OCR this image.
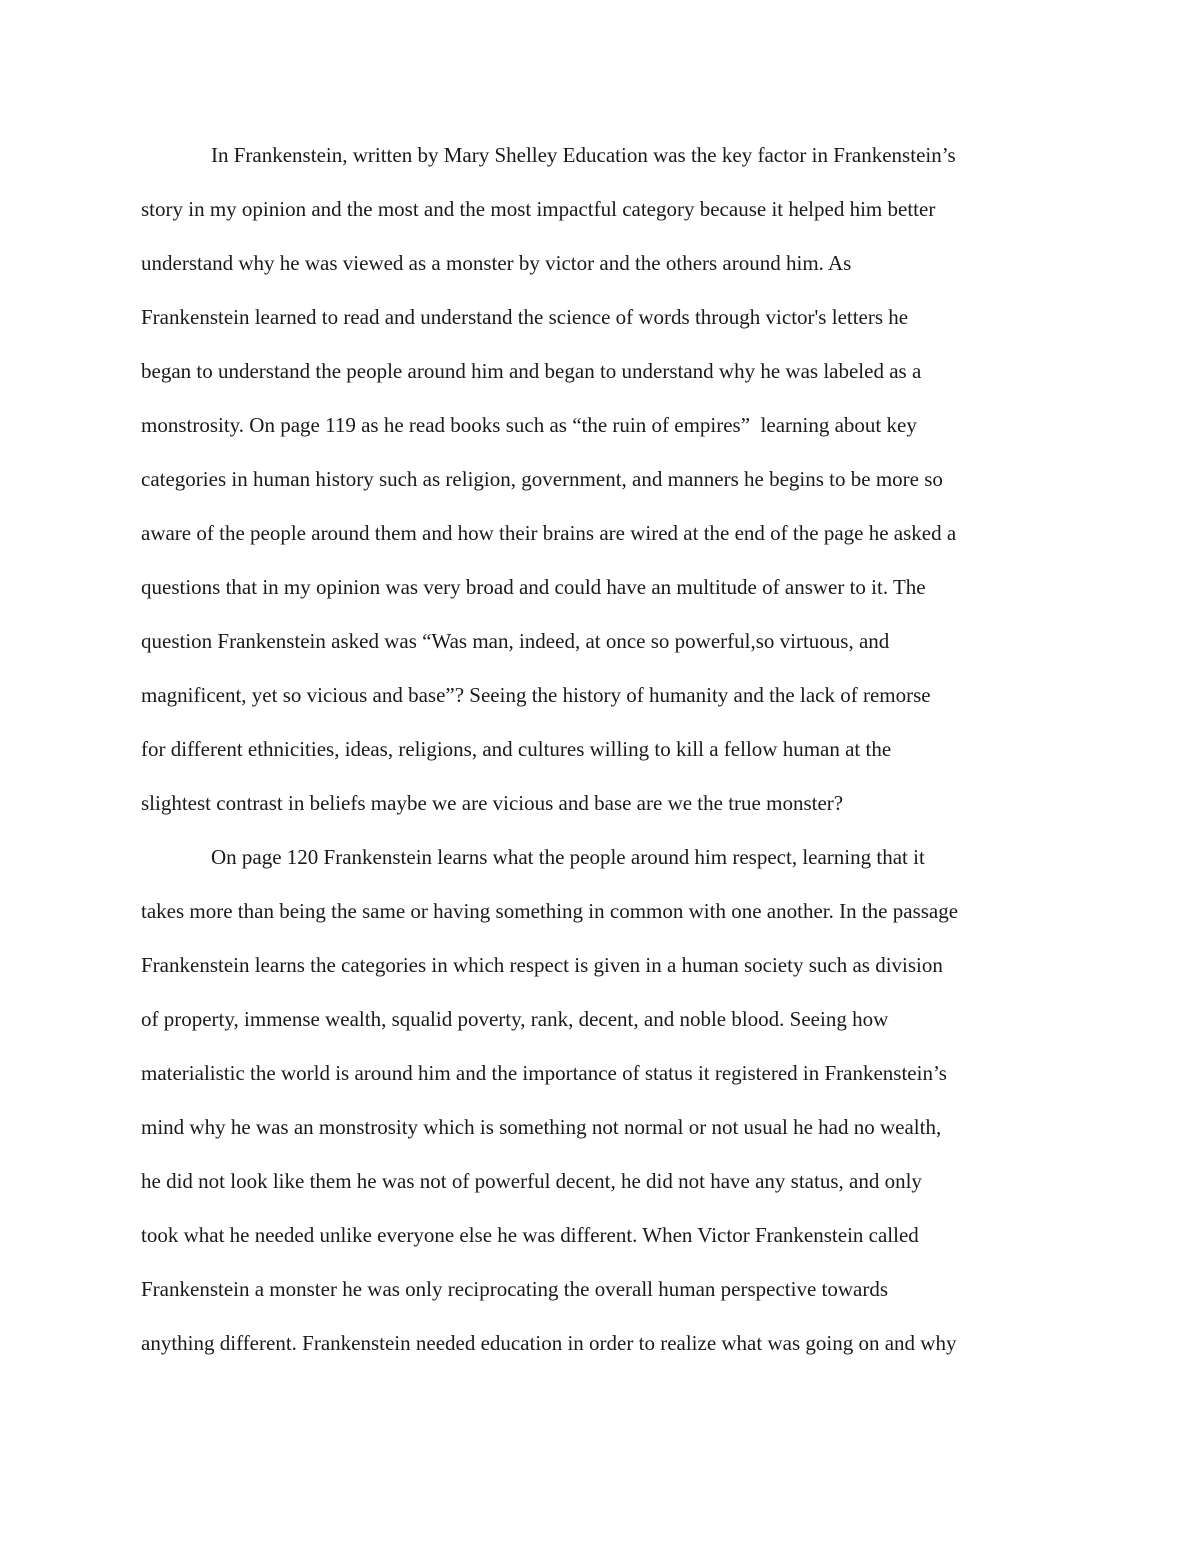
In Frankenstein, written by Mary Shelley Education was the key factor in Frankenstein’s
story in my opinion and the most and the most impactful category because it helped him better
understand why he was viewed as a monster by victor and the others around him. As
Frankenstein learned to read and understand the science of words through victor's letters he
began to understand the people around him and began to understand why he was labeled as a
monstrosity. On page 119 as he read books such as “the ruin of empires”  learning about key
categories in human history such as religion, government, and manners he begins to be more so
aware of the people around them and how their brains are wired at the end of the page he asked a
questions that in my opinion was very broad and could have an multitude of answer to it. The
question Frankenstein asked was “Was man, indeed, at once so powerful,so virtuous, and
magnificent, yet so vicious and base”? Seeing the history of humanity and the lack of remorse
for different ethnicities, ideas, religions, and cultures willing to kill a fellow human at the
slightest contrast in beliefs maybe we are vicious and base are we the true monster?
On page 120 Frankenstein learns what the people around him respect, learning that it
takes more than being the same or having something in common with one another. In the passage
Frankenstein learns the categories in which respect is given in a human society such as division
of property, immense wealth, squalid poverty, rank, decent, and noble blood. Seeing how
materialistic the world is around him and the importance of status it registered in Frankenstein’s
mind why he was an monstrosity which is something not normal or not usual he had no wealth,
he did not look like them he was not of powerful decent, he did not have any status, and only
took what he needed unlike everyone else he was different. When Victor Frankenstein called
Frankenstein a monster he was only reciprocating the overall human perspective towards
anything different. Frankenstein needed education in order to realize what was going on and why
